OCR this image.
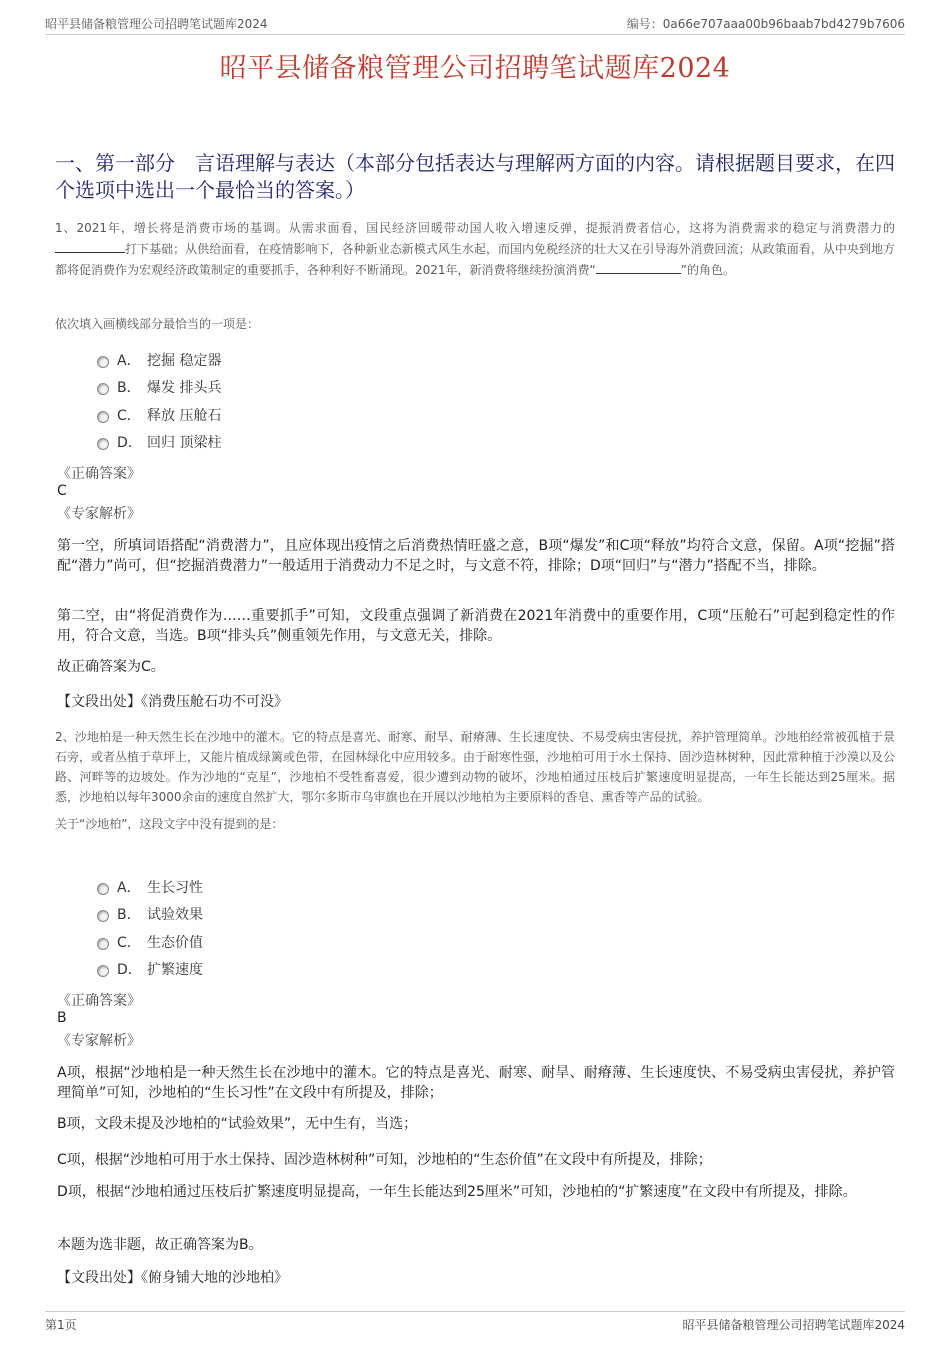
昭平县储备粮管理公司招聘笔试题库2024	编号：0a66e707aaa00b96baab7bd4279b7606
昭平县储备粮管理公司招聘笔试题库2024
一、第一部分　言语理解与表达（本部分包括表达与理解两方面的内容。请根据题目要求，在四个选项中选出一个最恰当的答案。）
1、2021年，增长将是消费市场的基调。从需求面看，国民经济回暖带动国人收入增速反弹，提振消费者信心，这将为消费需求的稳定与消费潜力的 打下基础；从供给面看，在疫情影响下，各种新业态新模式风生水起，而国内免税经济的壮大又在引导海外消费回流；从政策面看，从中央到地方都将促消费作为宏观经济政策制定的重要抓手，各种利好不断涌现。2021年，新消费将继续扮演消费“	”的角色。
依次填入画横线部分最恰当的一项是：
A． 挖掘 稳定器
B． 爆发 排头兵
C． 释放 压舱石
D． 回归 顶梁柱
《正确答案》
C
《专家解析》
第一空，所填词语搭配“消费潜力”，且应体现出疫情之后消费热情旺盛之意，B项“爆发”和C项“释放”均符合文意，保留。A项“挖掘”搭配“潜力”尚可，但“挖掘消费潜力”一般适用于消费动力不足之时，与文意不符，排除；D项“回归”与“潜力”搭配不当，排除。
第二空，由“将促消费作为……重要抓手”可知，文段重点强调了新消费在2021年消费中的重要作用，C项“压舱石”可起到稳定性的作用，符合文意，当选。B项“排头兵”侧重领先作用，与文意无关，排除。
故正确答案为C。
【文段出处】《消费压舱石功不可没》
2、沙地柏是一种天然生长在沙地中的灌木。它的特点是喜光、耐寒、耐旱、耐瘠薄、生长速度快、不易受病虫害侵扰，养护管理简单。沙地柏经常被孤植于景石旁，或者丛植于草坪上，又能片植成绿篱或色带，在园林绿化中应用较多。由于耐寒性强，沙地柏可用于水土保持、固沙造林树种，因此常种植于沙漠以及公路、河畔等的边坡处。作为沙地的“克星”，沙地柏不受牲畜喜爱，很少遭到动物的破坏，沙地柏通过压枝后扩繁速度明显提高，一年生长能达到25厘米。据悉，沙地柏以每年3000余亩的速度自然扩大，鄂尔多斯市乌审旗也在开展以沙地柏为主要原料的香皂、熏香等产品的试验。
关于“沙地柏”，这段文字中没有提到的是：
A． 生长习性
B． 试验效果
C． 生态价值
D． 扩繁速度
《正确答案》
B
《专家解析》
A项，根据“沙地柏是一种天然生长在沙地中的灌木。它的特点是喜光、耐寒、耐旱、耐瘠薄、生长速度快、不易受病虫害侵扰，养护管理简单”可知，沙地柏的“生长习性”在文段中有所提及，排除；
B项，文段未提及沙地柏的“试验效果”，无中生有，当选；
C项，根据“沙地柏可用于水土保持、固沙造林树种”可知，沙地柏的“生态价值”在文段中有所提及，排除；
D项，根据“沙地柏通过压枝后扩繁速度明显提高，一年生长能达到25厘米”可知，沙地柏的“扩繁速度”在文段中有所提及，排除。
本题为选非题，故正确答案为B。
【文段出处】《俯身铺大地的沙地柏》
第1页	昭平县储备粮管理公司招聘笔试题库2024
